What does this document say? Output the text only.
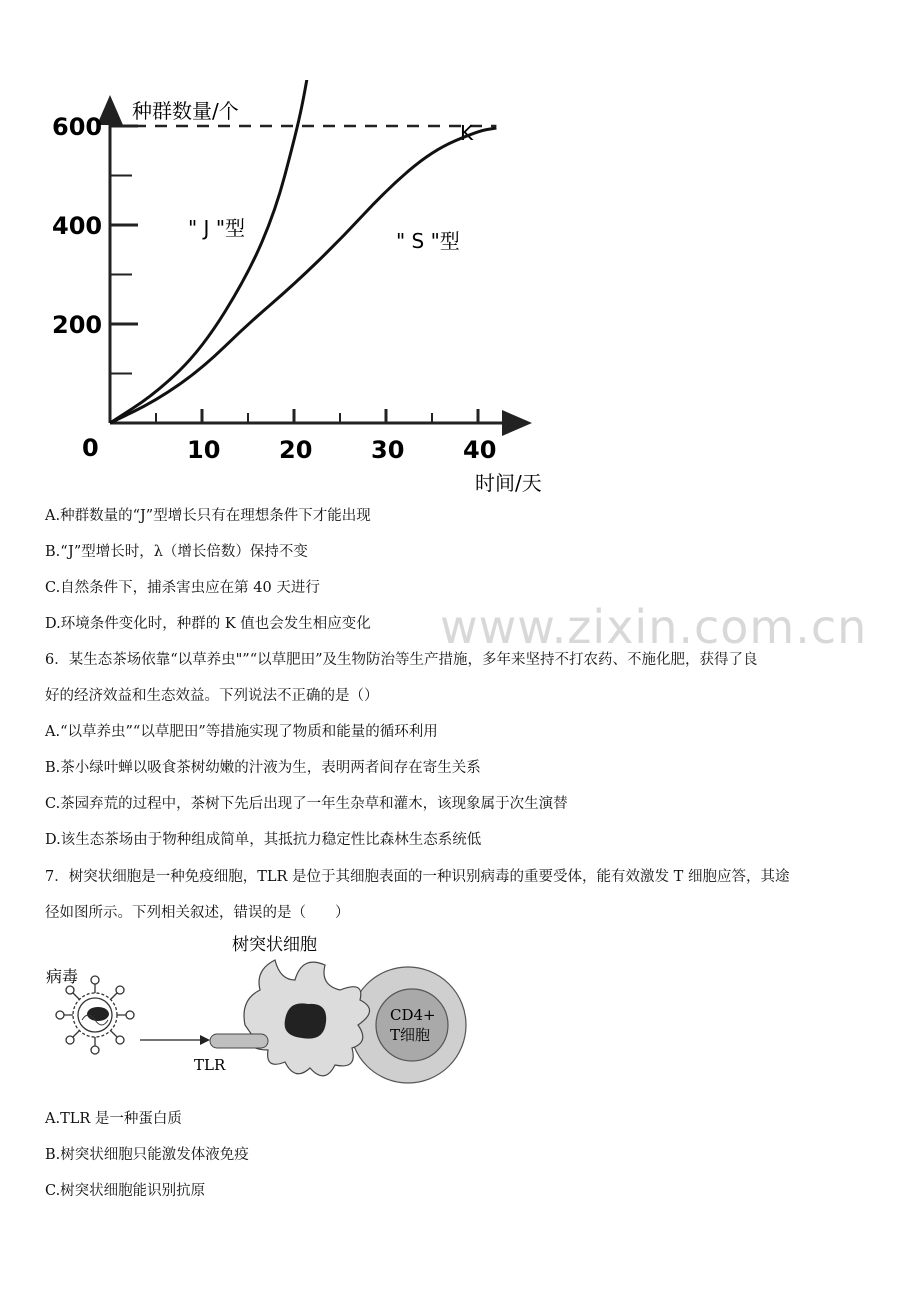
10 20 30 40
200
400
600
0
种群数量/个
时间/天
K
" J "型
" S "型
www.zixin.com.cn
A.种群数量的“J”型增长只有在理想条件下才能出现
B.“J”型增长时，λ（增长倍数）保持不变
C.自然条件下，捕杀害虫应在第 40 天进行
D.环境条件变化时，种群的 K 值也会发生相应变化
6．某生态茶场依靠“以草养虫"”“以草肥田”及生物防治等生产措施，多年来坚持不打农药、不施化肥，获得了良
好的经济效益和生态效益。下列说法不正确的是（）
A.“以草养虫”“以草肥田”等措施实现了物质和能量的循环利用
B.茶小绿叶蝉以吸食茶树幼嫩的汁液为生，表明两者间存在寄生关系
C.茶园弃荒的过程中，茶树下先后出现了一年生杂草和灌木，该现象属于次生演替
D.该生态茶场由于物种组成简单，其抵抗力稳定性比森林生态系统低
7．树突状细胞是一种免疫细胞，TLR 是位于其细胞表面的一种识别病毒的重要受体，能有效激发 T 细胞应答，其途
径如图所示。下列相关叙述，错误的是（　　）
病毒
CD4+
T细胞
TLR
树突状细胞
A.TLR 是一种蛋白质
B.树突状细胞只能激发体液免疫
C.树突状细胞能识别抗原
